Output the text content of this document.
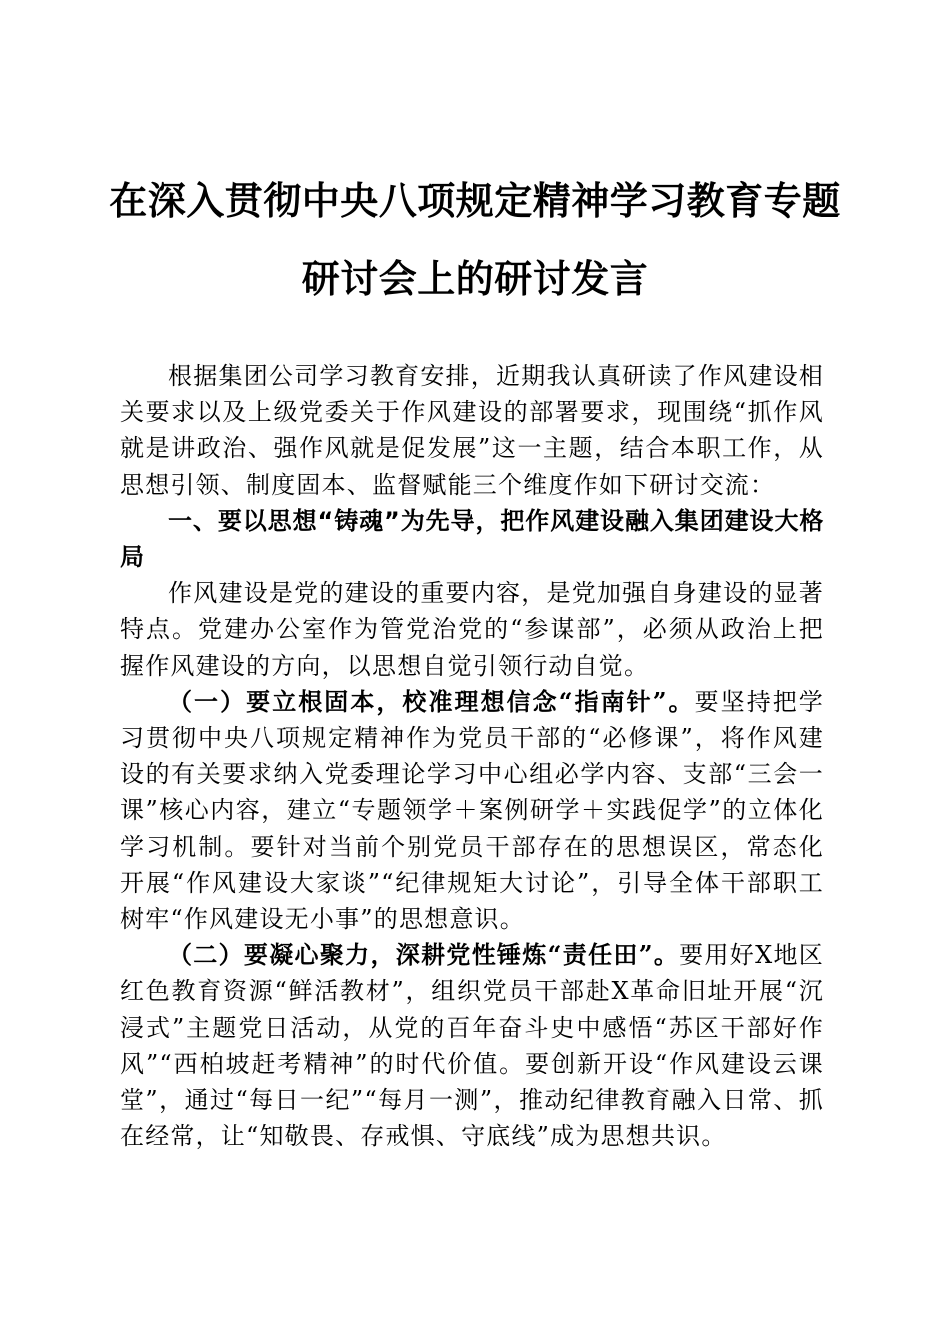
在深入贯彻中央八项规定精神学习教育专题研讨会上的研讨发言

根据集团公司学习教育安排，近期我认真研读了作风建设相关要求以及上级党委关于作风建设的部署要求，现围绕“抓作风就是讲政治、强作风就是促发展”这一主题，结合本职工作，从思想引领、制度固本、监督赋能三个维度作如下研讨交流：

一、要以思想“铸魂”为先导，把作风建设融入集团建设大格局

作风建设是党的建设的重要内容，是党加强自身建设的显著特点。党建办公室作为管党治党的“参谋部”，必须从政治上把握作风建设的方向，以思想自觉引领行动自觉。

（一）要立根固本，校准理想信念“指南针”。要坚持把学习贯彻中央八项规定精神作为党员干部的“必修课”，将作风建设的有关要求纳入党委理论学习中心组必学内容、支部“三会一课”核心内容，建立“专题领学＋案例研学＋实践促学”的立体化学习机制。要针对当前个别党员干部存在的思想误区，常态化开展“作风建设大家谈”“纪律规矩大讨论”，引导全体干部职工树牢“作风建设无小事”的思想意识。

（二）要凝心聚力，深耕党性锤炼“责任田”。要用好X地区红色教育资源“鲜活教材”，组织党员干部赴X革命旧址开展“沉浸式”主题党日活动，从党的百年奋斗史中感悟“苏区干部好作风”“西柏坡赶考精神”的时代价值。要创新开设“作风建设云课堂”，通过“每日一纪”“每月一测”，推动纪律教育融入日常、抓在经常，让“知敬畏、存戒惧、守底线”成为思想共识。
